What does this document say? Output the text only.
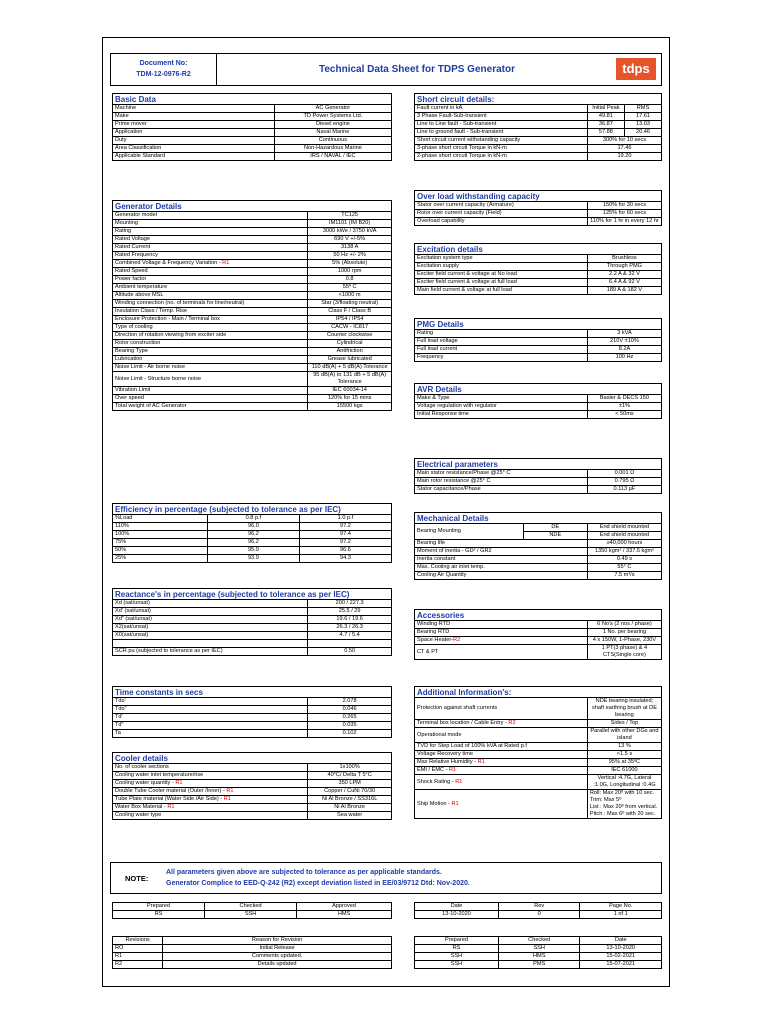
Document No:
TDM-12-0976-R2	Technical Data Sheet for TDPS Generator	tdps
Basic Data
Machine	AC Generator
Make	TD Power Systems Ltd.
Prime mover	Diesel engine
Application	Naval Marine
Duty	Continuous
Area Classification	Non-Hazardous Marine
Applicable Standard	IRS / NAVAL / IEC
Generator Details
Generator model	TC125
Mounting	IM1101 (IM B20)
Rating	3000 kWe / 3750 kVA
Rated Voltage	690 V +/-5%
Rated Current	3138 A
Rated Frequency	50 Hz +/- 2%
Combined Voltage & Frequency Variation - R1	5% (Absolute)
Rated Speed	1000 rpm
Power factor	0.8
Ambient temperature	55º C
Altitude above MSL	<1000 m
Winding connection (no. of terminals for line/neutral)	Star (3/floating neutral)
Insulation Class / Temp. Rise	Class F / Class B
Enclosure Protection - Main / Terminal box	IP54 / IP54
Type of cooling	CACW - IC817
Direction of rotation viewing from exciter side	Counter clockwise
Rotor construction	Cylindrical
Bearing Type	Antifriction
Lubrication	Grease lubricated
Noise Limit - Air borne noise	110 dB(A) + 5 dB(A) Tolerance
Noise Limit - Structure borne noise	95 dB(A) to 131 dB + 5 dB(A) Tolerance
Vibration Limit	IEC 60034-14
Over speed	120% for 15 mins
Total weight of AC Generator	15500 kgs
Efficiency in percentage (subjected to tolerance as per IEC)
%Load	0.8 p.f	1.0 p.f
110%	96.0	97.2
100%	96.2	97.4
75%	96.2	97.2
50%	95.9	96.6
25%	93.9	94.3
Reactance's in percentage (subjected to tolerance as per IEC)
Xd (sat/unsat)	200 / 227.3
Xd' (sat/unsat)	25.5 / 29
Xd" (sat/unsat)	19.6 / 19.6
X2(sat/unsat)	26.3 / 26.3
X0(sat/unsat)	4.7 / 5.4

SCR pu (subjected to tolerance as per IEC)	0.50
Time constants in secs
Tdo'	2.078
Tdo"	0.046
Td'	0.265
Td"	0.035
Ta	0.102
Cooler details
No. of cooler sections	1x100%
Cooling water inlet temperature/rise	40°C/ Delta T 5°C
Cooling water quantity - R1	350 LPM
Double Tube Cooler material (Outer /Inner) - R1	Copper / CuNi 70/30
Tube Plate material (Water Side /Air Side) - R1	Ni Al Bronze / SS316L
Water Box Material - R1	Ni Al Bronze
Cooling water type	Sea water
Short circuit details:
Fault current in kA	Initial Peak	RMS
3 Phase Fault-Sub-transient	49.81	17.61
Line to Line fault - Sub-transient	36.87	13.03
Line to ground fault - Sub-transient	57.88	20.46
Short circuit current withstanding capacity	300% for 10 secs	
3-phase short circuit Torque in kN-m	17.46	
2-phase short circuit Torque in kN-m	19.20	
Over load withstanding capacity
Stator over current capacity (Armature)	150% for 30 secs
Rotor over current capacity (Field)	125% for 60 secs
Overload capability	110% for 1 hr in every 12 hr
Excitation details
Excitation system type	Brushless
Excitation supply	Through PMG
Exciter field current & voltage at No load	2.2 A & 32 V
Exciter field current & voltage at full load	6.4 A & 92 V
Main field current & voltage at full load	189 A & 182 V
PMG Details
Rating	3 kVA
Full load voltage	210V ±10%
Full load current	8.2A
Frequency	100 Hz
AVR Details
Make & Type	Basler & DECS 150
Voltage regulation with regulator	±1%
Initial Response time	< 50ms
Electrical parameters
Main stator resistance/Phase @25° C	0.001 Ω
Main rotor resistance @25° C	0.795 Ω
Stator capacitance/Phase	0.113 µF
Mechanical Details
Bearing Mounting	DE	End shield mounted
	NDE	End shield mounted
Bearing life		≥40,000 hours
Moment of inertia - GD² / GR2		1350 kgm² / 337.5 kgm²
Inertia constant		0.49 s
Max. Cooling air inlet temp.		55° C
Cooling Air Quantity		7.5 m³/s
Accessories
Winding RTD	6 No's (2 nos / phase)
Bearing RTD	1 No. per bearing
Space Heater-R2	4 x 150W, 1-Phase, 230V
CT & PT	1 PT(3 phase) & 4 CTS(Single core)
Additional Information's:
Protection against shaft currents	NDE bearing insulated; shaft earthing brush at DE bearing
Terminal box location / Cable Entry - R2	Sides / Top
Operational mode	Parallel with other DGs and island
TVD for Step Load of 100% kVA at Rated p.f	13 %
Voltage Recovery time	<1.5 s
Max Relative Humidity - R1	95% at 35ºC
EMI / EMC - R1	IEC 61000
Shock Rating - R1	Vertical :4.7G, Lateral :1.0G, Longitudinal :0.4G
Ship Motion - R1	Roll: Max 20º with 10 sec. Trim: Max 5º
List : Max 20º from vertical.
Pitch : Max 6º with 20 sec.
NOTE:
All parameters given above are subjected to tolerance as per applicable standards.
Generator Complice to EED-Q-242 (R2) except deviation listed in EE/03/9712 Dtd: Nov-2020.
Prepared	Checked	Approved
RS	SSH	HMS
Date	Rev	Page No.
13-10-2020	0	1 of 1
Revisions	Reason for Revision
RO	Initial Release
R1	Comments updated.
R2	Details updated
Prepared	Checked	Date
RS	SSH	13-10-2020
SSH	HMS	15-02-2021
SSH	PMS	15-07-2021
